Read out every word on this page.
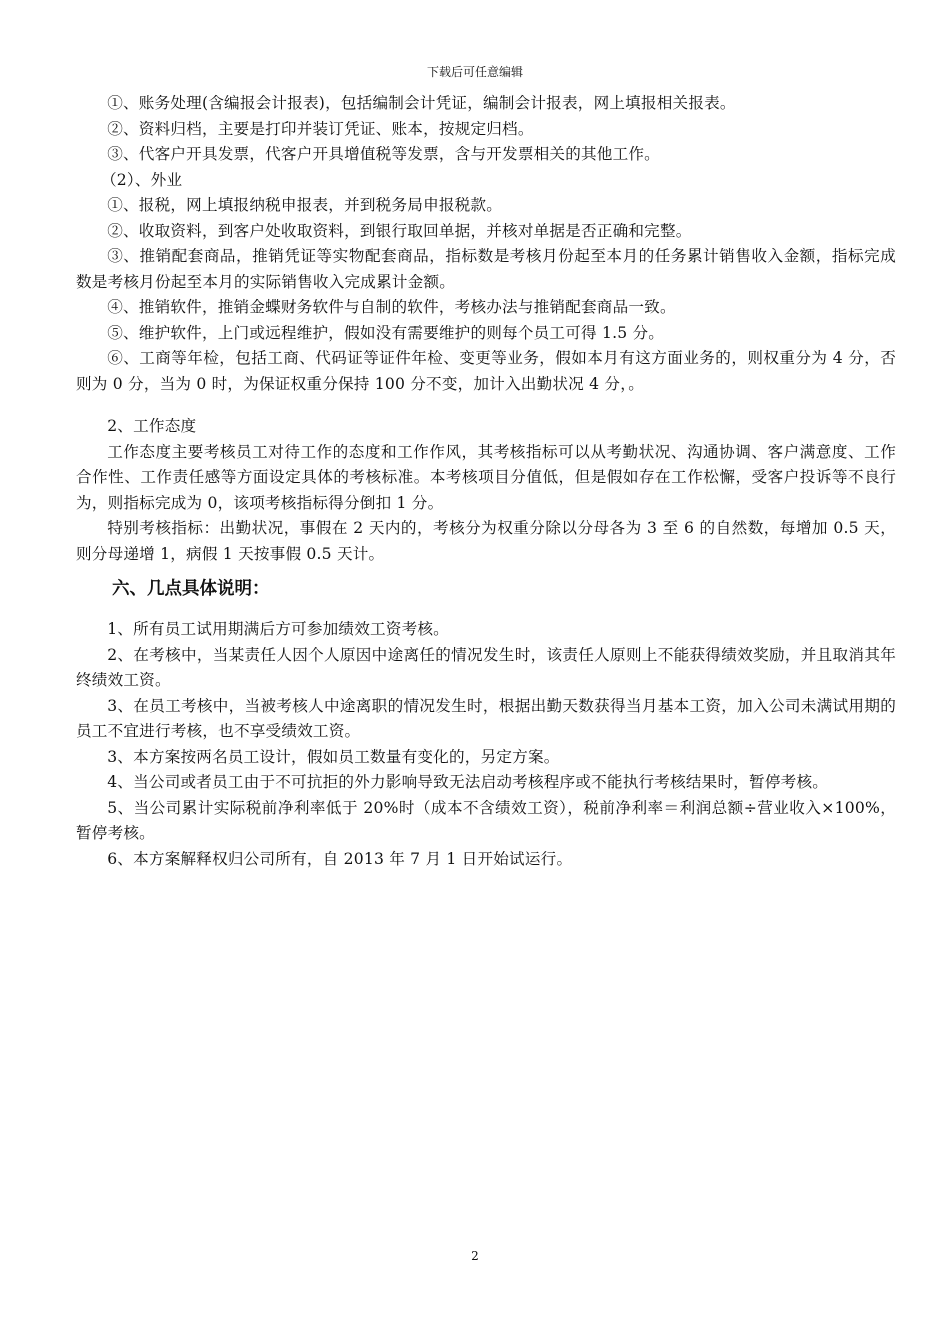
下载后可任意编辑

①、账务处理(含编报会计报表)，包括编制会计凭证，编制会计报表，网上填报相关报表。

②、资料归档，主要是打印并装订凭证、账本，按规定归档。

③、代客户开具发票，代客户开具增值税等发票，含与开发票相关的其他工作。

（2）、外业

①、报税，网上填报纳税申报表，并到税务局申报税款。

②、收取资料，到客户处收取资料，到银行取回单据，并核对单据是否正确和完整。

③、推销配套商品，推销凭证等实物配套商品，指标数是考核月份起至本月的任务累计销售收入金额，指标完成数是考核月份起至本月的实际销售收入完成累计金额。

④、推销软件，推销金蝶财务软件与自制的软件，考核办法与推销配套商品一致。

⑤、维护软件，上门或远程维护，假如没有需要维护的则每个员工可得 1.5 分。

⑥、工商等年检，包括工商、代码证等证件年检、变更等业务，假如本月有这方面业务的，则权重分为 4 分，否则为 0 分，当为 0 时，为保证权重分保持 100 分不变，加计入出勤状况 4 分，。

2、工作态度

工作态度主要考核员工对待工作的态度和工作作风，其考核指标可以从考勤状况、沟通协调、客户满意度、工作合作性、工作责任感等方面设定具体的考核标准。本考核项目分值低，但是假如存在工作松懈，受客户投诉等不良行为，则指标完成为 0，该项考核指标得分倒扣 1 分。

特别考核指标：出勤状况，事假在 2 天内的，考核分为权重分除以分母各为 3 至 6 的自然数，每增加 0.5 天，则分母递增 1，病假 1 天按事假 0.5 天计。

六、几点具体说明：

1、所有员工试用期满后方可参加绩效工资考核。

2、在考核中，当某责任人因个人原因中途离任的情况发生时，该责任人原则上不能获得绩效奖励，并且取消其年终绩效工资。

3、在员工考核中，当被考核人中途离职的情况发生时，根据出勤天数获得当月基本工资，加入公司未满试用期的员工不宜进行考核，也不享受绩效工资。

3、本方案按两名员工设计，假如员工数量有变化的，另定方案。

4、当公司或者员工由于不可抗拒的外力影响导致无法启动考核程序或不能执行考核结果时，暂停考核。

5、当公司累计实际税前净利率低于 20%时（成本不含绩效工资），税前净利率＝利润总额÷营业收入×100%，暂停考核。

6、本方案解释权归公司所有，自 2013 年 7 月 1 日开始试运行。

2
